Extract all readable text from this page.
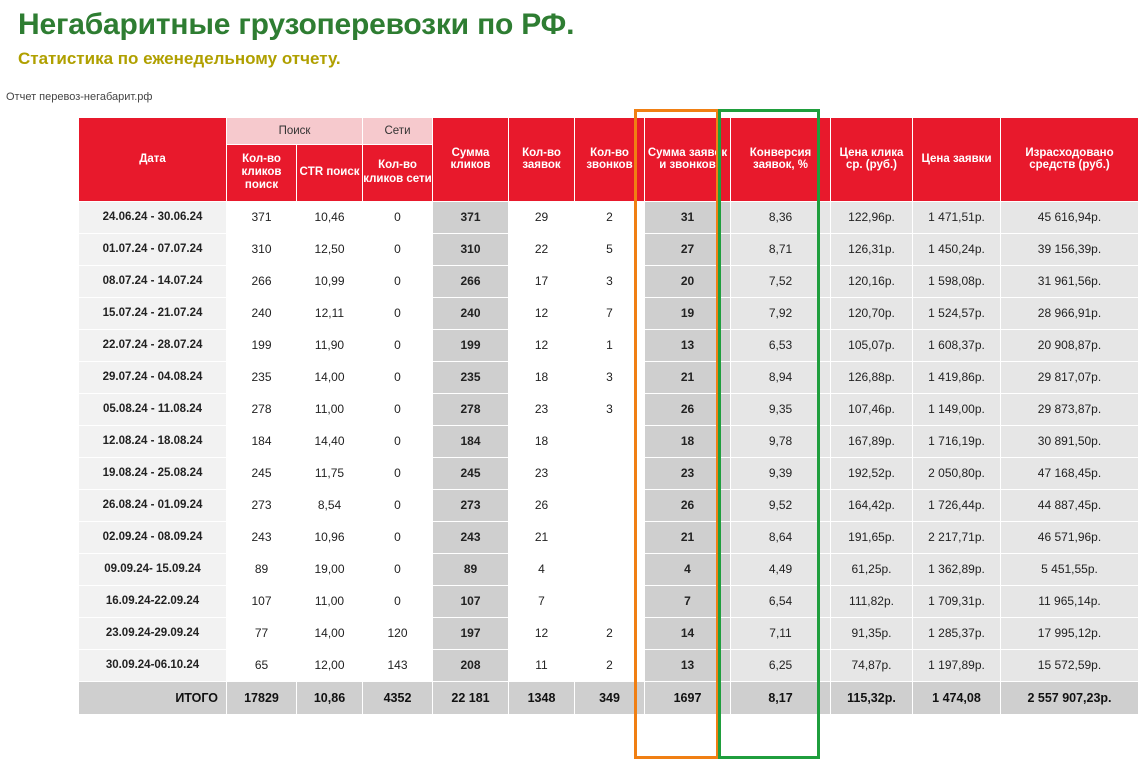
Негабаритные грузоперевозки по РФ.
Статистика по еженедельному отчету.
Отчет перевоз-негабарит.рф
Дата	Поиск		Сети	Сумма кликов	Кол-во заявок	Кол-во звонков	Сумма заявок и звонков	Конверсия заявок, %	Цена клика ср. (руб.)	Цена заявки	Израсходовано средств (руб.)
	Кол-во кликов поиск	CTR поиск	Кол-во кликов сети								
24.06.24 - 30.06.24	371	10,46	0	371	29	2	31	8,36	122,96р.	1 471,51р.	45 616,94р.
01.07.24 - 07.07.24	310	12,50	0	310	22	5	27	8,71	126,31р.	1 450,24р.	39 156,39р.
08.07.24 - 14.07.24	266	10,99	0	266	17	3	20	7,52	120,16р.	1 598,08р.	31 961,56р.
15.07.24 - 21.07.24	240	12,11	0	240	12	7	19	7,92	120,70р.	1 524,57р.	28 966,91р.
22.07.24 - 28.07.24	199	11,90	0	199	12	1	13	6,53	105,07р.	1 608,37р.	20 908,87р.
29.07.24 - 04.08.24	235	14,00	0	235	18	3	21	8,94	126,88р.	1 419,86р.	29 817,07р.
05.08.24 - 11.08.24	278	11,00	0	278	23	3	26	9,35	107,46р.	1 149,00р.	29 873,87р.
12.08.24 - 18.08.24	184	14,40	0	184	18		18	9,78	167,89р.	1 716,19р.	30 891,50р.
19.08.24 - 25.08.24	245	11,75	0	245	23		23	9,39	192,52р.	2 050,80р.	47 168,45р.
26.08.24 - 01.09.24	273	8,54	0	273	26		26	9,52	164,42р.	1 726,44р.	44 887,45р.
02.09.24 - 08.09.24	243	10,96	0	243	21		21	8,64	191,65р.	2 217,71р.	46 571,96р.
09.09.24- 15.09.24	89	19,00	0	89	4		4	4,49	61,25р.	1 362,89р.	5 451,55р.
16.09.24-22.09.24	107	11,00	0	107	7		7	6,54	111,82р.	1 709,31р.	11 965,14р.
23.09.24-29.09.24	77	14,00	120	197	12	2	14	7,11	91,35р.	1 285,37р.	17 995,12р.
30.09.24-06.10.24	65	12,00	143	208	11	2	13	6,25	74,87р.	1 197,89р.	15 572,59р.
ИТОГО	17829	10,86	4352	22 181	1348	349	1697	8,17	115,32р.	1 474,08	2 557 907,23р.
